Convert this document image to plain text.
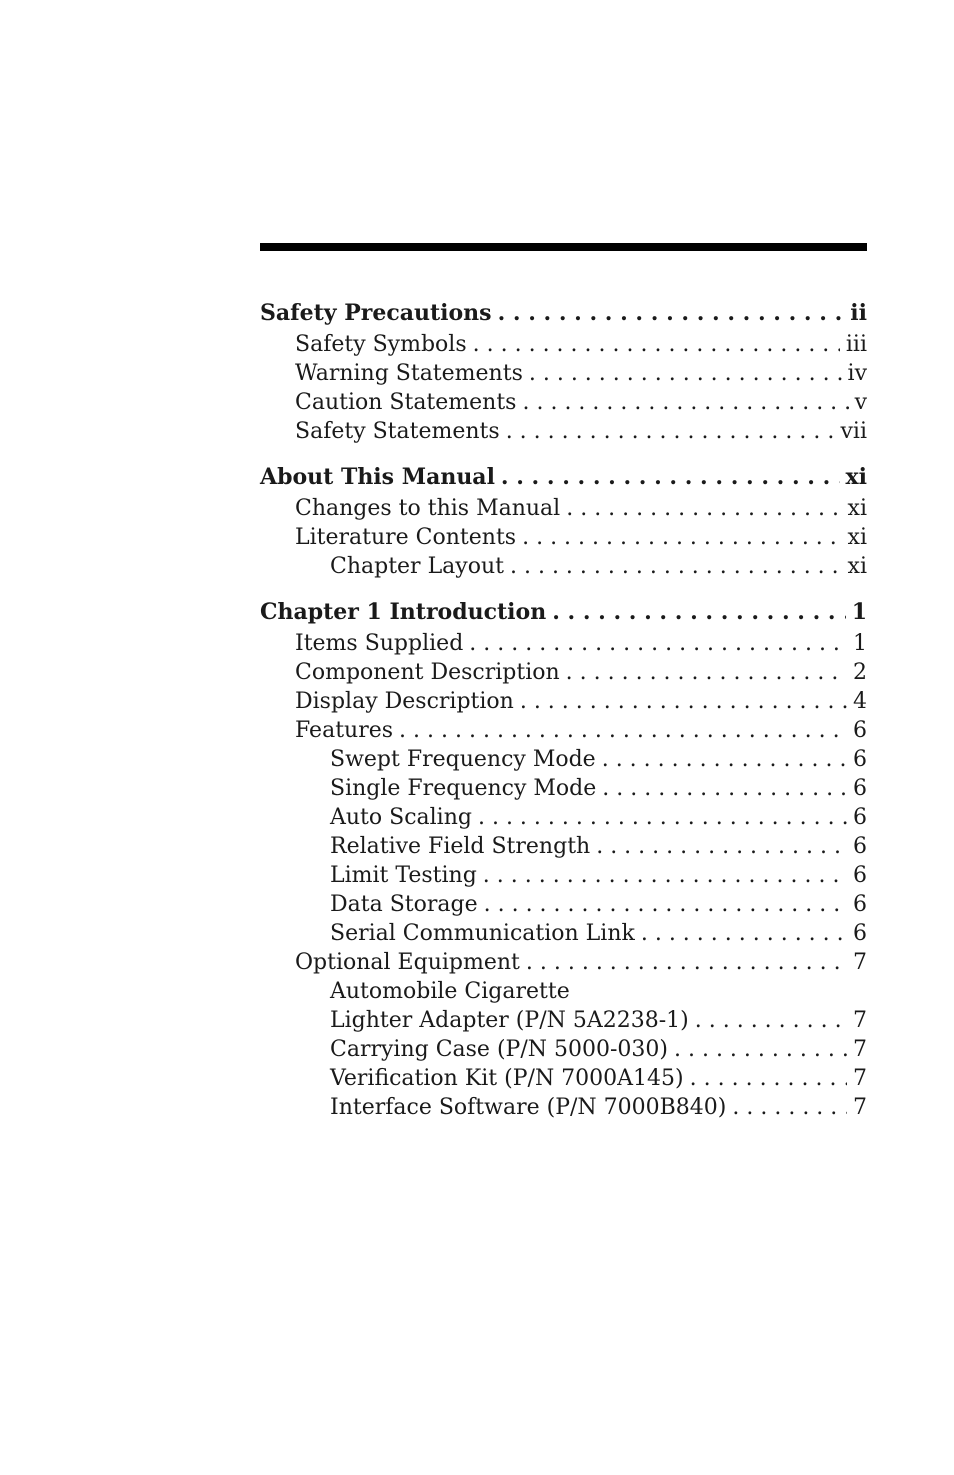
Safety Precautions . . .	ii
Safety Symbols . . .	iii
Warning Statements . . .	iv
Caution Statements . . .	v
Safety Statements . . .	vii
About This Manual . . .	xi
Changes to this Manual . . .	xi
Literature Contents . . .	xi
Chapter Layout . . .	xi
Chapter 1 Introduction . . .	1
Items Supplied . . .	1
Component Description . . .	2
Display Description . . .	4
Features . . .	6
Swept Frequency Mode . . .	6
Single Frequency Mode . . .	6
Auto Scaling . . .	6
Relative Field Strength . . .	6
Limit Testing . . .	6
Data Storage . . .	6
Serial Communication Link . . .	6
Optional Equipment . . .	7
Automobile Cigarette
Lighter Adapter (P/N 5A2238-1) . . .	7
Carrying Case (P/N 5000-030) . . .	7
Verification Kit (P/N 7000A145) . . .	7
Interface Software (P/N 7000B840) . . .	7
